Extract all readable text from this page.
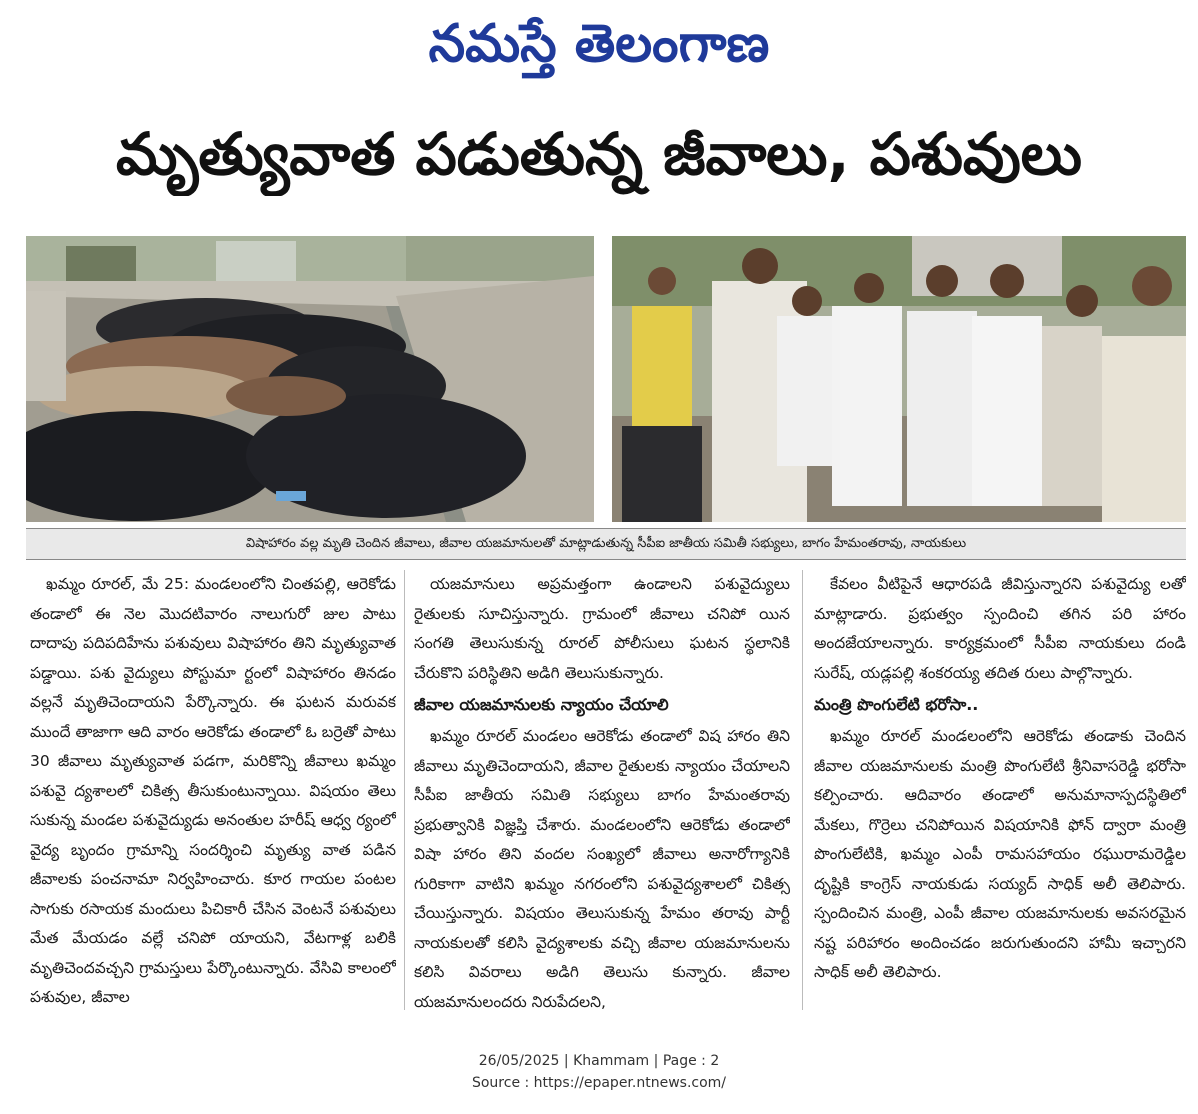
నమస్తే తెలంగాణ
మృత్యువాత పడుతున్న జీవాలు, పశువులు
విషాహారం వల్ల మృతి చెందిన జీవాలు, జీవాల యజమానులతో మాట్లాడుతున్న సీపీఐ జాతీయ సమితీ సభ్యులు, బాగం హేమంతరావు, నాయకులు

ఖమ్మం రూరల్, మే 25: మండలంలోని చింతపల్లి, ఆరెకోడు తండాలో ఈ నెల మొదటివారం నాలుగురో జుల పాటు దాదాపు పదిపదిహేను పశువులు విషాహారం తిని మృత్యువాత పడ్డాయి. పశు వైద్యులు పోస్టుమా ర్టంలో విషాహారం తినడం వల్లనే మృతిచెందాయని పేర్కొన్నారు. ఈ ఘటన మరువక ముందే తాజాగా ఆది వారం ఆరెకోడు తండాలో ఓ బర్రెతో పాటు 30 జీవాలు మృత్యువాత పడగా, మరికొన్ని జీవాలు ఖమ్మం పశువై ద్యశాలలో చికిత్స తీసుకుంటున్నాయి. విషయం తెలు సుకున్న మండల పశువైద్యుడు అనంతుల హరీష్ ఆధ్వ ర్యంలో వైద్య బృందం గ్రామాన్ని సందర్శించి మృత్యు వాత పడిన జీవాలకు పంచనామా నిర్వహించారు. కూర గాయల పంటల సాగుకు రసాయక మందులు పిచికారీ చేసిన వెంటనే పశువులు మేత మేయడం వల్లే చనిపో యాయని, వేటగాళ్ల బలికి మృతిచెందవచ్చని గ్రామస్తులు పేర్కొంటున్నారు. వేసివి కాలంలో పశువుల, జీవాల

యజమానులు అప్రమత్తంగా ఉండాలని పశువైద్యులు రైతులకు సూచిస్తున్నారు. గ్రామంలో జీవాలు చనిపో యిన సంగతి తెలుసుకున్న రూరల్ పోలీసులు ఘటన స్థలానికి చేరుకొని పరిస్థితిని అడిగి తెలుసుకున్నారు.

జీవాల యజమానులకు న్యాయం చేయాలి

ఖమ్మం రూరల్ మండలం ఆరెకోడు తండాలో విష హారం తిని జీవాలు మృతిచెందాయని, జీవాల రైతులకు న్యాయం చేయాలని సీపీఐ జాతీయ సమితి సభ్యులు బాగం హేమంతరావు ప్రభుత్వానికి విజ్ఞప్తి చేశారు. మండలంలోని ఆరెకోడు తండాలో విషా హారం తిని వందల సంఖ్యలో జీవాలు అనారోగ్యానికి గురికాగా వాటిని ఖమ్మం నగరంలోని పశువైద్యశాలలో చికిత్స చేయిస్తున్నారు. విషయం తెలుసుకున్న హేమం తరావు పార్టీ నాయకులతో కలిసి వైద్యశాలకు వచ్చి జీవాల యజమానులను కలిసి వివరాలు అడిగి తెలుసు కున్నారు. జీవాల యజమానులందరు నిరుపేదలని,

కేవలం వీటిపైనే ఆధారపడి జీవిస్తున్నారని పశువైద్యు లతో మాట్లాడారు. ప్రభుత్వం స్పందించి తగిన పరి హారం అందజేయాలన్నారు. కార్యక్రమంలో సీపీఐ నాయకులు దండి సురేష్, యడ్లపల్లి శంకరయ్య తదిత రులు పాల్గొన్నారు.

మంత్రి పొంగులేటి భరోసా..

ఖమ్మం రూరల్ మండలంలోని ఆరెకోడు తండాకు చెందిన జీవాల యజమానులకు మంత్రి పొంగులేటి శ్రీనివాసరెడ్డి భరోసా కల్పించారు. ఆదివారం తండాలో అనుమానాస్పదస్థితిలో మేకలు, గొర్రెలు చనిపోయిన విషయానికి ఫోన్ ద్వారా మంత్రి పొంగులేటికి, ఖమ్మం ఎంపీ రామసహాయం రఘురామరెడ్డిల దృష్టికి కాంగ్రెస్ నాయకుడు సయ్యద్ సాధిక్ అలీ తెలిపారు. స్పందించిన మంత్రి, ఎంపీ జీవాల యజమానులకు అవసరమైన నష్ట పరిహారం అందించడం జరుగుతుందని హామీ ఇచ్చారని సాధిక్ అలీ తెలిపారు.

26/05/2025 | Khammam | Page : 2
Source : https://epaper.ntnews.com/
